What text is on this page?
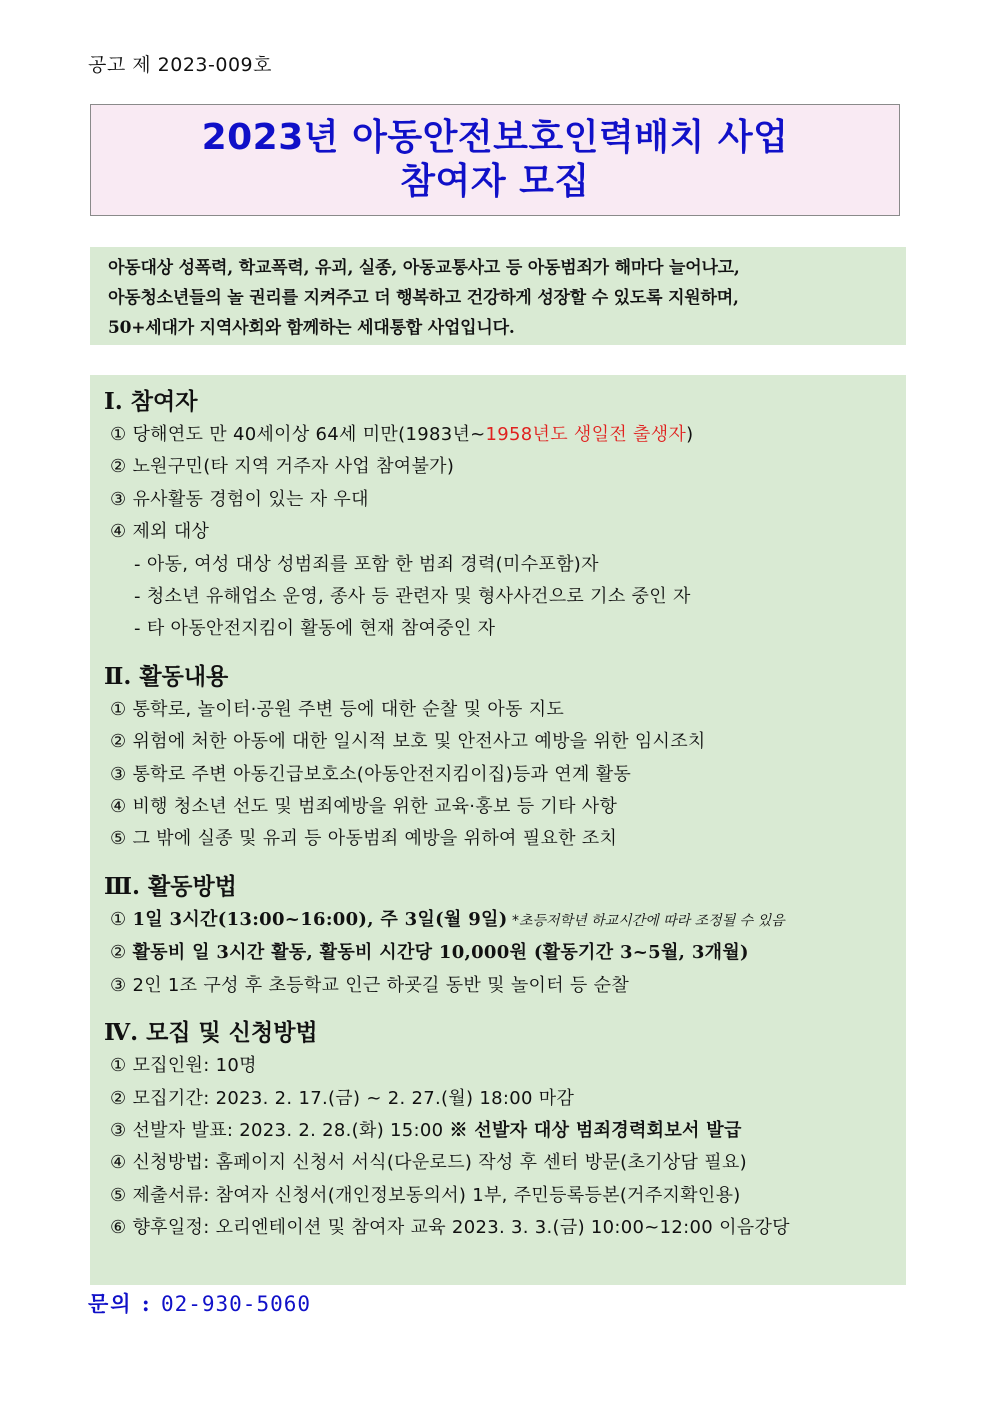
공고 제 2023-009호
2023년 아동안전보호인력배치 사업
참여자 모집
아동대상 성폭력, 학교폭력, 유괴, 실종, 아동교통사고 등 아동범죄가 해마다 늘어나고,
아동청소년들의 놀 권리를 지켜주고 더 행복하고 건강하게 성장할 수 있도록 지원하며,
50+세대가 지역사회와 함께하는 세대통합 사업입니다.
Ⅰ. 참여자
① 당해연도 만 40세이상 64세 미만(1983년~1958년도 생일전 출생자)
② 노원구민(타 지역 거주자 사업 참여불가)
③ 유사활동 경험이 있는 자 우대
④ 제외 대상
- 아동, 여성 대상 성범죄를 포함 한 범죄 경력(미수포함)자
- 청소년 유해업소 운영, 종사 등 관련자 및 형사사건으로 기소 중인 자
- 타 아동안전지킴이 활동에 현재 참여중인 자
Ⅱ. 활동내용
① 통학로, 놀이터·공원 주변 등에 대한 순찰 및 아동 지도
② 위험에 처한 아동에 대한 일시적 보호 및 안전사고 예방을 위한 임시조치
③ 통학로 주변 아동긴급보호소(아동안전지킴이집)등과 연계 활동
④ 비행 청소년 선도 및 범죄예방을 위한 교육·홍보 등 기타 사항
⑤ 그 밖에 실종 및 유괴 등 아동범죄 예방을 위하여 필요한 조치
Ⅲ. 활동방법
① 1일 3시간(13:00~16:00), 주 3일(월 9일) *초등저학년 하교시간에 따라 조정될 수 있음
② 활동비 일 3시간 활동, 활동비 시간당 10,000원 (활동기간 3~5월, 3개월)
③ 2인 1조 구성 후 초등학교 인근 하굣길 동반 및 놀이터 등 순찰
Ⅳ. 모집 및 신청방법
① 모집인원: 10명
② 모집기간: 2023. 2. 17.(금) ~ 2. 27.(월) 18:00 마감
③ 선발자 발표: 2023. 2. 28.(화) 15:00 ※ 선발자 대상 범죄경력회보서 발급
④ 신청방법: 홈페이지 신청서 서식(다운로드) 작성 후 센터 방문(초기상담 필요)
⑤ 제출서류: 참여자 신청서(개인정보동의서) 1부, 주민등록등본(거주지확인용)
⑥ 향후일정: 오리엔테이션 및 참여자 교육 2023. 3. 3.(금) 10:00~12:00 이음강당
문의 : 02-930-5060
